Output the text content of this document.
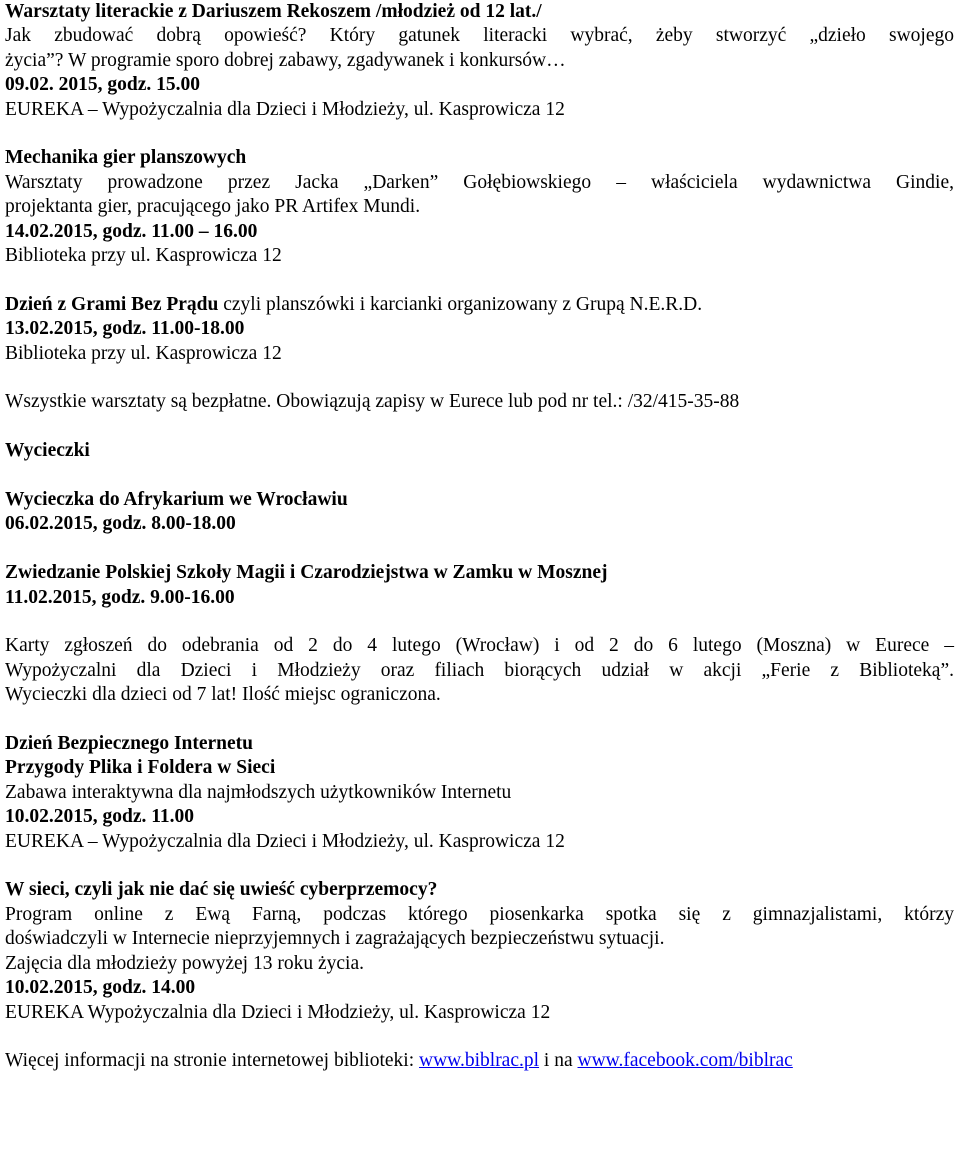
Warsztaty literackie z Dariuszem Rekoszem /młodzież od 12 lat./
Jak zbudować dobrą opowieść? Który gatunek literacki wybrać, żeby stworzyć „dzieło swojego
życia”? W programie sporo dobrej zabawy, zgadywanek i konkursów…
09.02. 2015, godz. 15.00
EUREKA – Wypożyczalnia dla Dzieci i Młodzieży, ul. Kasprowicza 12
Mechanika gier planszowych
Warsztaty prowadzone przez Jacka „Darken” Gołębiowskiego – właściciela wydawnictwa Gindie,
projektanta gier, pracującego jako PR Artifex Mundi.
14.02.2015, godz. 11.00 – 16.00
Biblioteka przy ul. Kasprowicza 12
Dzień z Grami Bez Prądu czyli planszówki i karcianki organizowany z Grupą N.E.R.D.
13.02.2015, godz. 11.00-18.00
Biblioteka przy ul. Kasprowicza 12
Wszystkie warsztaty są bezpłatne. Obowiązują zapisy w Eurece lub pod nr tel.: /32/415-35-88
Wycieczki
Wycieczka do Afrykarium we Wrocławiu
06.02.2015, godz. 8.00-18.00
Zwiedzanie Polskiej Szkoły Magii i Czarodziejstwa w Zamku w Mosznej
11.02.2015, godz. 9.00-16.00
Karty zgłoszeń do odebrania od 2 do 4 lutego (Wrocław) i od 2 do 6 lutego (Moszna) w Eurece –
Wypożyczalni dla Dzieci i Młodzieży oraz filiach biorących udział w akcji „Ferie z Biblioteką”.
Wycieczki dla dzieci od 7 lat! Ilość miejsc ograniczona.
Dzień Bezpiecznego Internetu
Przygody Plika i Foldera w Sieci
Zabawa interaktywna dla najmłodszych użytkowników Internetu
10.02.2015, godz. 11.00
EUREKA – Wypożyczalnia dla Dzieci i Młodzieży, ul. Kasprowicza 12
W sieci, czyli jak nie dać się uwieść cyberprzemocy?
Program online z Ewą Farną, podczas którego piosenkarka spotka się z gimnazjalistami, którzy
doświadczyli w Internecie nieprzyjemnych i zagrażających bezpieczeństwu sytuacji.
Zajęcia dla młodzieży powyżej 13 roku życia.
10.02.2015, godz. 14.00
EUREKA Wypożyczalnia dla Dzieci i Młodzieży, ul. Kasprowicza 12
Więcej informacji na stronie internetowej biblioteki: www.biblrac.pl i na www.facebook.com/biblrac
